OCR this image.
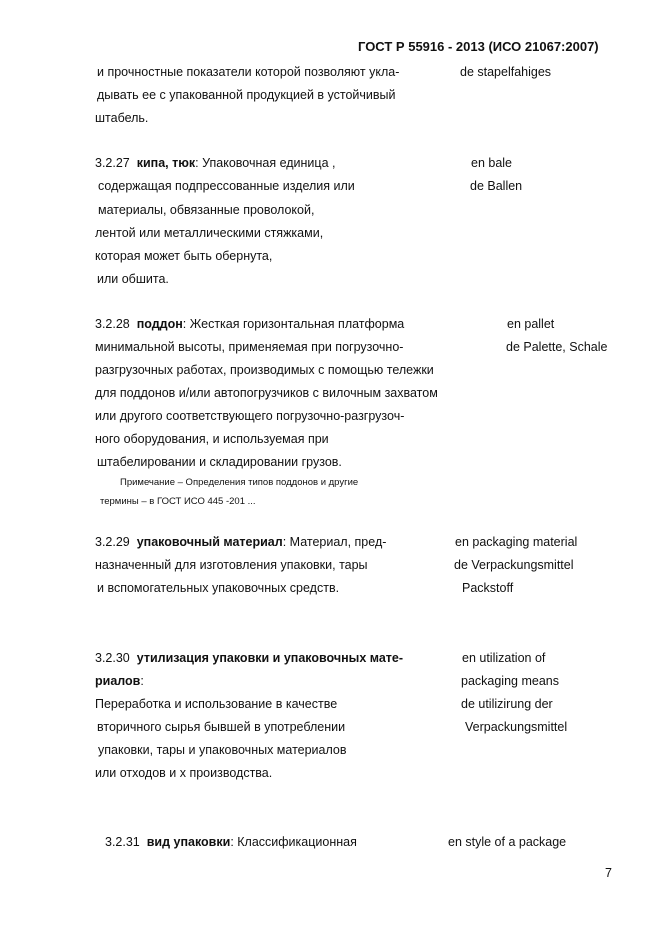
ГОСТ Р 55916 - 2013 (ИСО 21067:2007)
и прочностные показатели которой позволяют укла-	de stapelfahiges
дывать ее с упакованной продукцией в устойчивый
штабель.
3.2.27 кипа, тюк: Упаковочная единица ,	en bale
содержащая подпрессованные изделия или	de Ballen
материалы, обвязанные проволокой,
лентой или металлическими стяжками,
которая может быть обернута,
или обшита.
3.2.28 поддон: Жесткая горизонтальная платформа	en pallet
минимальной высоты, применяемая при погрузочно-	de Palette, Schale
разгрузочных работах, производимых с помощью тележки
для поддонов и/или автопогрузчиков с вилочным захватом
или другого соответствующего погрузочно-разгрузоч-
ного оборудования, и используемая при
штабелировании и складировании грузов.
Примечание – Определения типов поддонов и другие
термины – в ГОСТ ИСО 445 -201 ...
3.2.29 упаковочный материал: Материал, пред-	en packaging material
назначенный для изготовления упаковки, тары	de Verpackungsmittel
и вспомогательных упаковочных средств.	Packstoff
3.2.30 утилизация упаковки и упаковочных мате-	en utilization of
риалов:	packaging means
Переработка и использование в качестве	de utilizirung der
вторичного сырья бывшей в употреблении	Verpackungsmittel
упаковки, тары и упаковочных материалов
или отходов и х производства.
3.2.31 вид упаковки: Классификационная	en style of a package
7
